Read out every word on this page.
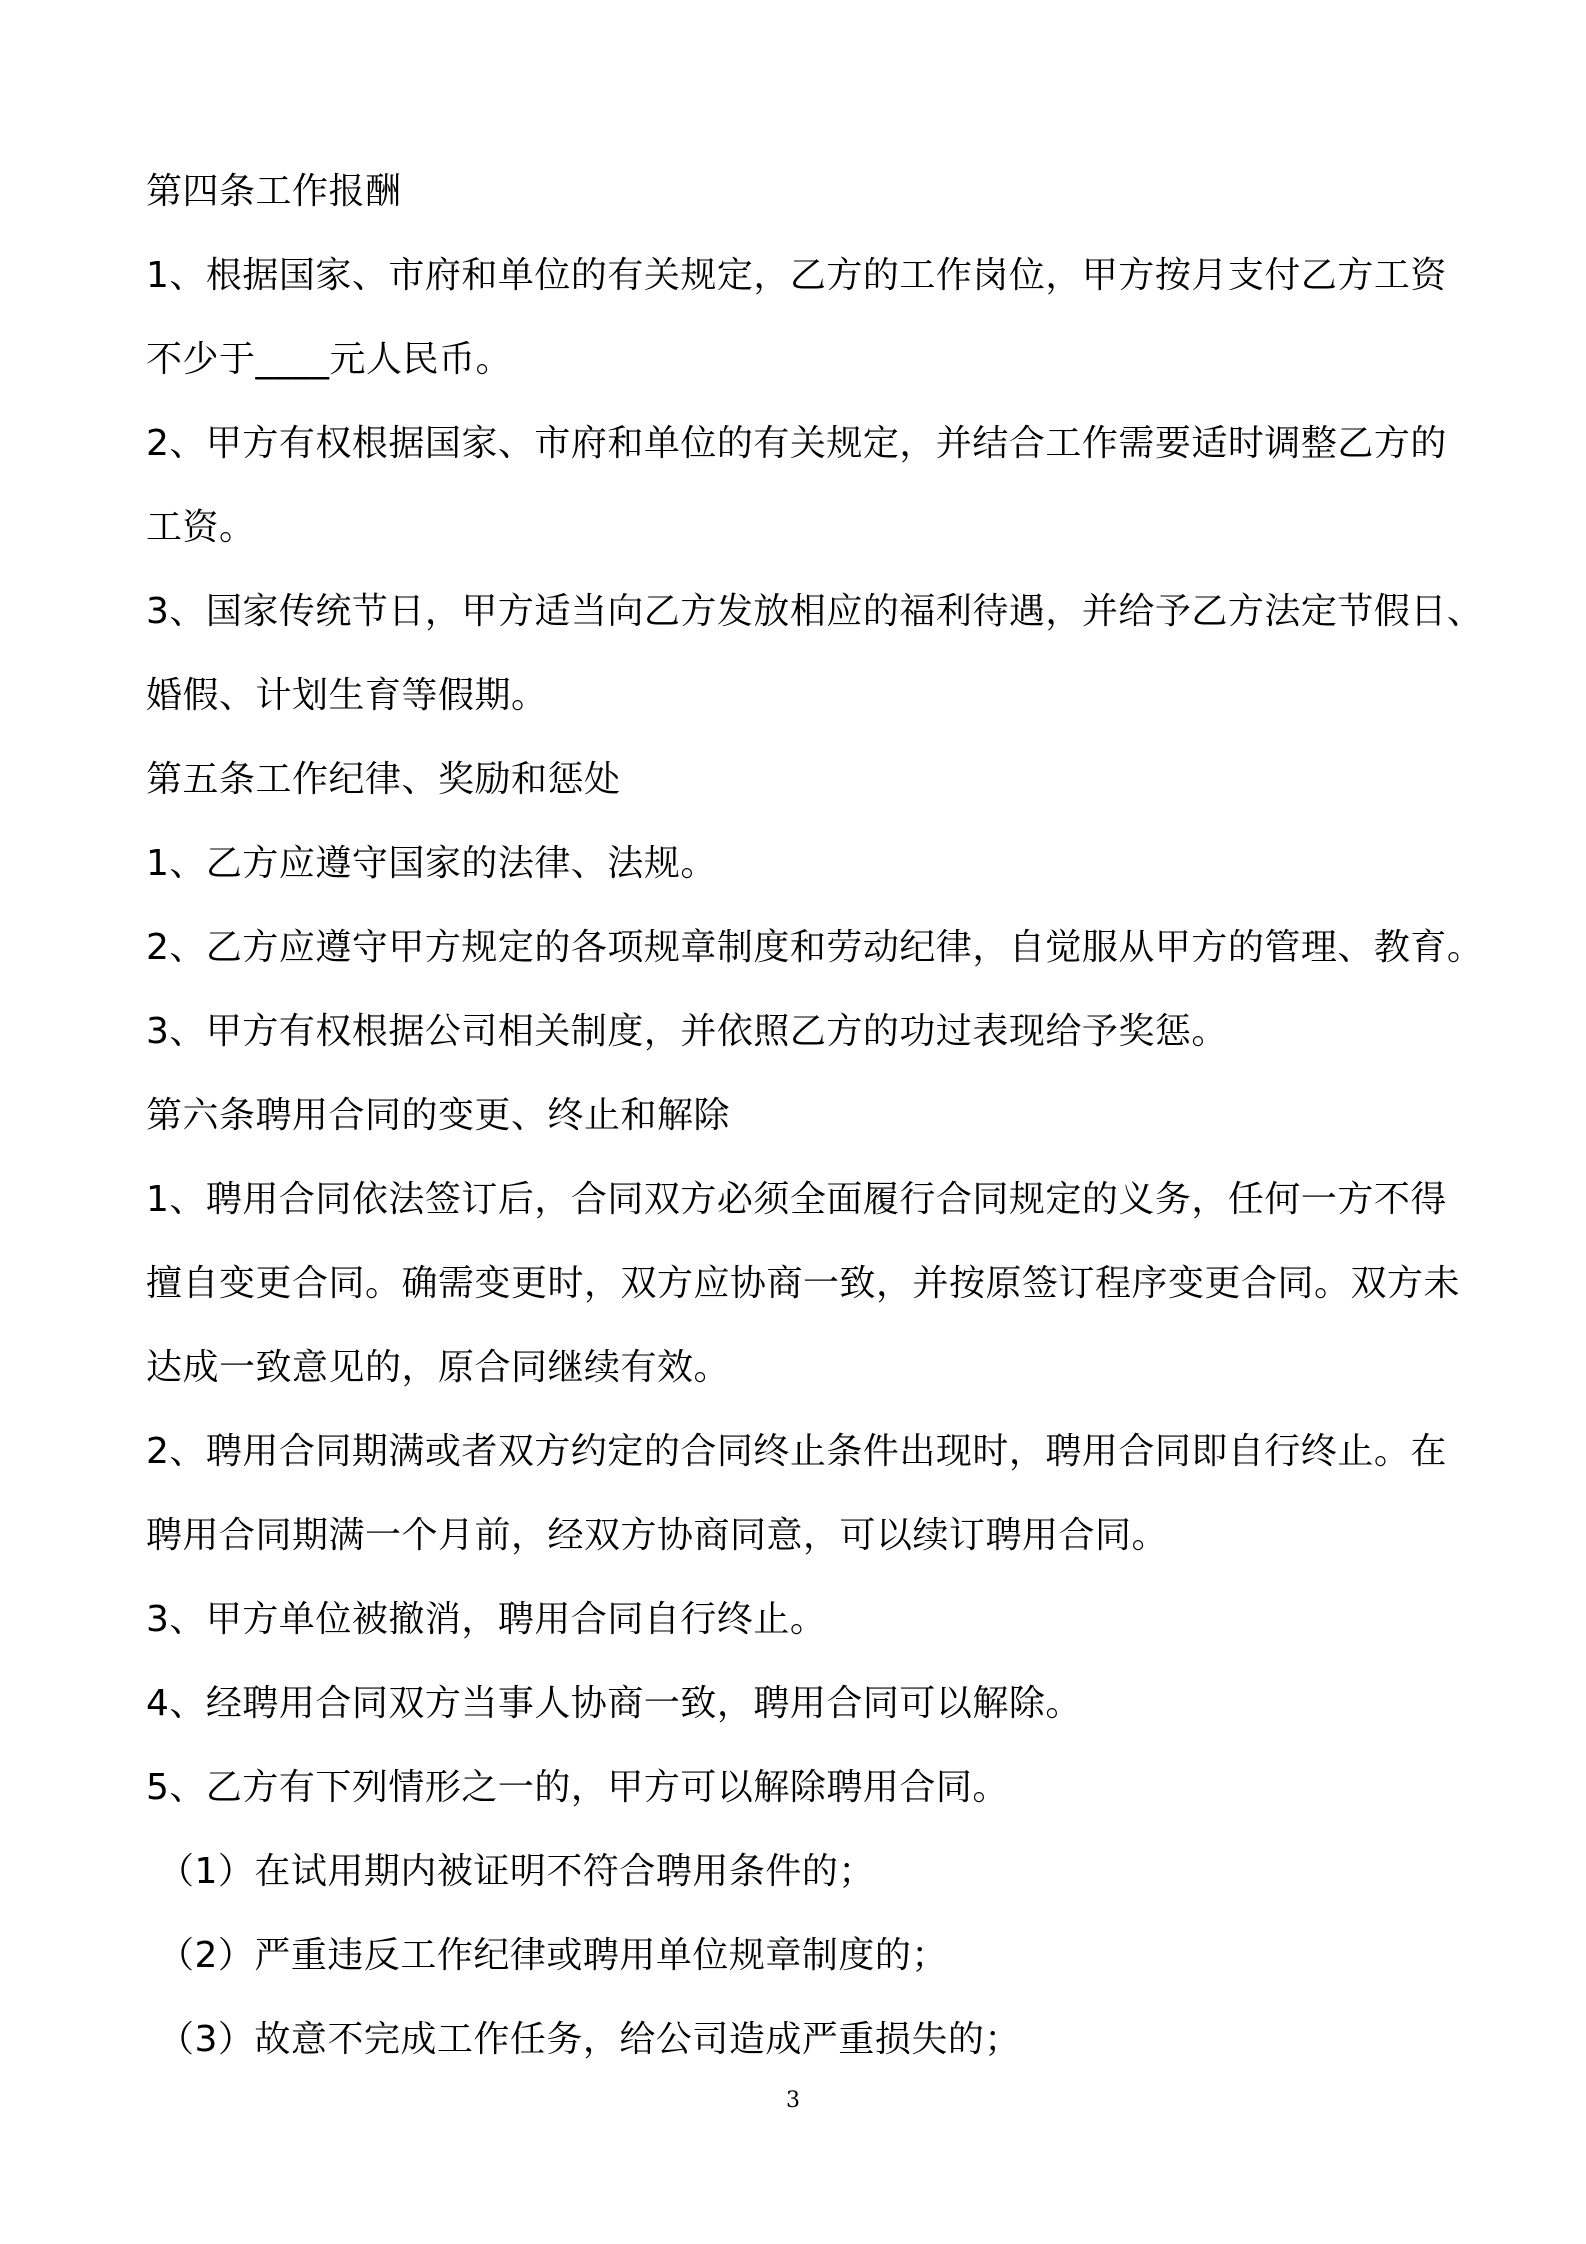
第四条工作报酬
1、根据国家、市府和单位的有关规定，乙方的工作岗位，甲方按月支付乙方工资
不少于____元人民币。
2、甲方有权根据国家、市府和单位的有关规定，并结合工作需要适时调整乙方的
工资。
3、国家传统节日，甲方适当向乙方发放相应的福利待遇，并给予乙方法定节假日、
婚假、计划生育等假期。
第五条工作纪律、奖励和惩处
1、乙方应遵守国家的法律、法规。
2、乙方应遵守甲方规定的各项规章制度和劳动纪律，自觉服从甲方的管理、教育。
3、甲方有权根据公司相关制度，并依照乙方的功过表现给予奖惩。
第六条聘用合同的变更、终止和解除
1、聘用合同依法签订后，合同双方必须全面履行合同规定的义务，任何一方不得
擅自变更合同。确需变更时，双方应协商一致，并按原签订程序变更合同。双方未
达成一致意见的，原合同继续有效。
2、聘用合同期满或者双方约定的合同终止条件出现时，聘用合同即自行终止。在
聘用合同期满一个月前，经双方协商同意，可以续订聘用合同。
3、甲方单位被撤消，聘用合同自行终止。
4、经聘用合同双方当事人协商一致，聘用合同可以解除。
5、乙方有下列情形之一的，甲方可以解除聘用合同。
（1）在试用期内被证明不符合聘用条件的；
（2）严重违反工作纪律或聘用单位规章制度的；
（3）故意不完成工作任务，给公司造成严重损失的；
3
